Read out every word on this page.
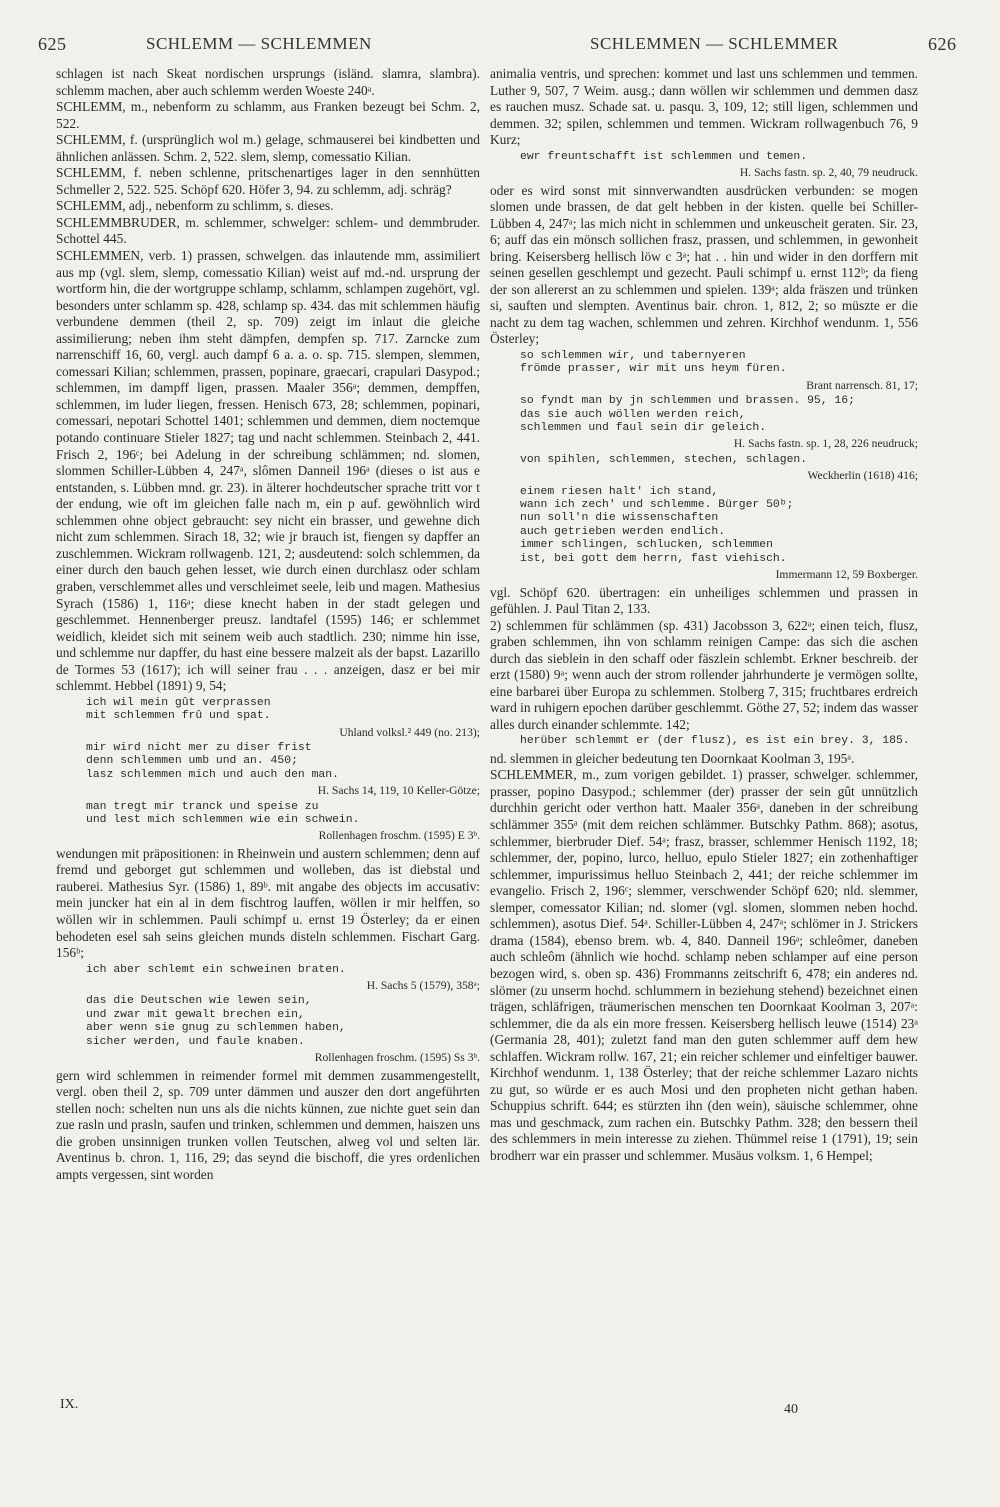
625	SCHLEMM — SCHLEMMEN	SCHLEMMEN — SCHLEMMER	626

schlagen ist nach Skeat nordischen ursprungs (isländ. slamra, slambra). schlemm machen, aber auch schlemm werden Woeste 240ᵃ.

SCHLEMM, m., nebenform zu schlamm, aus Franken bezeugt bei Schm. 2, 522.

SCHLEMM, f. (ursprünglich wol m.) gelage, schmauserei bei kindbetten und ähnlichen anlässen. Schm. 2, 522. slem, slemp, comessatio Kilian.

SCHLEMM, f. neben schlenne, pritschenartiges lager in den sennhütten Schmeller 2, 522. 525. Schöpf 620. Höfer 3, 94. zu schlemm, adj. schräg?

SCHLEMM, adj., nebenform zu schlimm, s. dieses.

SCHLEMMBRUDER, m. schlemmer, schwelger: schlem- und demmbruder. Schottel 445.

SCHLEMMEN, verb. 1) prassen, schwelgen. das inlautende mm, assimiliert aus mp (vgl. slem, slemp, comessatio Kilian) weist auf md.-nd. ursprung der wortform hin, die der wortgruppe schlamp, schlamm, schlampen zugehört, vgl. besonders unter schlamm sp. 428, schlamp sp. 434. das mit schlemmen häufig verbundene demmen (theil 2, sp. 709) zeigt im inlaut die gleiche assimilierung; neben ihm steht dämpfen, dempfen sp. 717. Zarncke zum narrenschiff 16, 60, vergl. auch dampf 6 a. a. o. sp. 715. slempen, slemmen, comessari Kilian; schlemmen, prassen, popinare, graecari, crapulari Dasypod.; schlemmen, im dampff ligen, prassen. Maaler 356ᵃ; demmen, dempffen, schlemmen, im luder liegen, fressen. Henisch 673, 28; schlemmen, popinari, comessari, nepotari Schottel 1401; schlemmen und demmen, diem noctemque potando continuare Stieler 1827; tag und nacht schlemmen. Steinbach 2, 441. Frisch 2, 196ᶜ; bei Adelung in der schreibung schlämmen; nd. slomen, slommen Schiller-Lübben 4, 247ᵃ, slômen Danneil 196ᵃ (dieses o ist aus e entstanden, s. Lübben mnd. gr. 23). in älterer hochdeutscher sprache tritt vor t der endung, wie oft im gleichen falle nach m, ein p auf. gewöhnlich wird schlemmen ohne object gebraucht: sey nicht ein brasser, und gewehne dich nicht zum schlemmen. Sirach 18, 32; wie jr brauch ist, fiengen sy dapffer an zuschlemmen. Wickram rollwagenb. 121, 2; ausdeutend: solch schlemmen, da einer durch den bauch gehen lesset, wie durch einen durchlasz oder schlam graben, verschlemmet alles und verschleimet seele, leib und magen. Mathesius Syrach (1586) 1, 116ᵃ; diese knecht haben in der stadt gelegen und geschlemmet. Hennenberger preusz. landtafel (1595) 146; er schlemmet weidlich, kleidet sich mit seinem weib auch stadtlich. 230; nimme hin isse, und schlemme nur dapffer, du hast eine bessere malzeit als der bapst. Lazarillo de Tormes 53 (1617); ich will seiner frau . . . anzeigen, dasz er bei mir schlemmt. Hebbel (1891) 9, 54;

ich wil mein gût verprassen
mit schlemmen frû und spat.

Uhland volksl.² 449 (no. 213);

mir wird nicht mer zu diser frist
denn schlemmen umb und an. 450;
lasz schlemmen mich und auch den man.

H. Sachs 14, 119, 10 Keller-Götze;

man tregt mir tranck und speise zu
und lest mich schlemmen wie ein schwein.

Rollenhagen froschm. (1595) E 3ᵇ.

wendungen mit präpositionen: in Rheinwein und austern schlemmen; denn auf fremd und geborget gut schlemmen und wolleben, das ist diebstal und rauberei. Mathesius Syr. (1586) 1, 89ᵇ. mit angabe des objects im accusativ: mein juncker hat ein al in dem fischtrog lauffen, wöllen ir mir helffen, so wöllen wir in schlemmen. Pauli schimpf u. ernst 19 Österley; da er einen behodeten esel sah seins gleichen munds disteln schlemmen. Fischart Garg. 156ᵇ;

ich aber schlemt ein schweinen braten.

H. Sachs 5 (1579), 358ᵃ;

das die Deutschen wie lewen sein,
und zwar mit gewalt brechen ein,
aber wenn sie gnug zu schlemmen haben,
sicher werden, und faule knaben.

Rollenhagen froschm. (1595) Ss 3ᵇ.

gern wird schlemmen in reimender formel mit demmen zusammengestellt, vergl. oben theil 2, sp. 709 unter dämmen und auszer den dort angeführten stellen noch: schelten nun uns als die nichts künnen, zue nichte guet sein dan zue rasln und prasln, saufen und trinken, schlemmen und demmen, haiszen uns die groben unsinnigen trunken vollen Teutschen, alweg vol und selten lär. Aventinus b. chron. 1, 116, 29; das seynd die bischoff, die yres ordenlichen ampts vergessen, sint worden

animalia ventris, und sprechen: kommet und last uns schlemmen und temmen. Luther 9, 507, 7 Weim. ausg.; dann wöllen wir schlemmen und demmen dasz es rauchen musz. Schade sat. u. pasqu. 3, 109, 12; still ligen, schlemmen und demmen. 32; spilen, schlemmen und temmen. Wickram rollwagenbuch 76, 9 Kurz;

ewr freuntschafft ist schlemmen und temen.

H. Sachs fastn. sp. 2, 40, 79 neudruck.

oder es wird sonst mit sinnverwandten ausdrücken verbunden: se mogen slomen unde brassen, de dat gelt hebben in der kisten. quelle bei Schiller-Lübben 4, 247ᵃ; las mich nicht in schlemmen und unkeuscheit geraten. Sir. 23, 6; auff das ein mönsch sollichen frasz, prassen, und schlemmen, in gewonheit bring. Keisersberg hellisch löw c 3ᵃ; hat . . hin und wider in den dorffern mit seinen gesellen geschlempt und gezecht. Pauli schimpf u. ernst 112ᵇ; da fieng der son allererst an zu schlemmen und spielen. 139ᵃ; alda fräszen und trünken si, sauften und slempten. Aventinus bair. chron. 1, 812, 2; so müszte er die nacht zu dem tag wachen, schlemmen und zehren. Kirchhof wendunm. 1, 556 Österley;

so schlemmen wir, und tabernyeren
frömde prasser, wir mit uns heym füren.

Brant narrensch. 81, 17;

so fyndt man by jn schlemmen und brassen. 95, 16;
das sie auch wöllen werden reich,
schlemmen und faul sein dir geleich.

H. Sachs fastn. sp. 1, 28, 226 neudruck;

von spihlen, schlemmen, stechen, schlagen.

Weckherlin (1618) 416;

einem riesen halt' ich stand,
wann ich zech' und schlemme. Bürger 50ᵇ;
nun soll'n die wissenschaften
auch getrieben werden endlich.
immer schlingen, schlucken, schlemmen
ist, bei gott dem herrn, fast viehisch.

Immermann 12, 59 Boxberger.

vgl. Schöpf 620. übertragen: ein unheiliges schlemmen und prassen in gefühlen. J. Paul Titan 2, 133.

2) schlemmen für schlämmen (sp. 431) Jacobsson 3, 622ᵃ; einen teich, flusz, graben schlemmen, ihn von schlamm reinigen Campe: das sich die aschen durch das sieblein in den schaff oder fäszlein schlembt. Erkner beschreib. der erzt (1580) 9ᵃ; wenn auch der strom rollender jahrhunderte je vermögen sollte, eine barbarei über Europa zu schlemmen. Stolberg 7, 315; fruchtbares erdreich ward in ruhigern epochen darüber geschlemmt. Göthe 27, 52; indem das wasser alles durch einander schlemmte. 142;

herüber schlemmt er (der flusz), es ist ein brey. 3, 185.

nd. slemmen in gleicher bedeutung ten Doornkaat Koolman 3, 195ᵃ.

SCHLEMMER, m., zum vorigen gebildet. 1) prasser, schwelger. schlemmer, prasser, popino Dasypod.; schlemmer (der) prasser der sein gût unnützlich durchhin gericht oder verthon hatt. Maaler 356ᵃ, daneben in der schreibung schlämmer 355ᵃ (mit dem reichen schlämmer. Butschky Pathm. 868); asotus, schlemmer, bierbruder Dief. 54ᵃ; frasz, brasser, schlemmer Henisch 1192, 18; schlemmer, der, popino, lurco, helluo, epulo Stieler 1827; ein zothenhaftiger schlemmer, impurissimus helluo Steinbach 2, 441; der reiche schlemmer im evangelio. Frisch 2, 196ᶜ; slemmer, verschwender Schöpf 620; nld. slemmer, slemper, comessator Kilian; nd. slomer (vgl. slomen, slommen neben hochd. schlemmen), asotus Dief. 54ᵃ. Schiller-Lübben 4, 247ᵃ; schlömer in J. Strickers drama (1584), ebenso brem. wb. 4, 840. Danneil 196ᵃ; schleômer, daneben auch schleôm (ähnlich wie hochd. schlamp neben schlamper auf eine person bezogen wird, s. oben sp. 436) Frommanns zeitschrift 6, 478; ein anderes nd. slömer (zu unserm hochd. schlummern in beziehung stehend) bezeichnet einen trägen, schläfrigen, träumerischen menschen ten Doornkaat Koolman 3, 207ᵃ: schlemmer, die da als ein more fressen. Keisersberg hellisch leuwe (1514) 23ᵃ (Germania 28, 401); zuletzt fand man den guten schlemmer auff dem hew schlaffen. Wickram rollw. 167, 21; ein reicher schlemer und einfeltiger bauwer. Kirchhof wendunm. 1, 138 Österley; that der reiche schlemmer Lazaro nichts zu gut, so würde er es auch Mosi und den propheten nicht gethan haben. Schuppius schrift. 644; es stürzten ihn (den wein), säuische schlemmer, ohne mas und geschmack, zum rachen ein. Butschky Pathm. 328; den bessern theil des schlemmers in mein interesse zu ziehen. Thümmel reise 1 (1791), 19; sein brodherr war ein prasser und schlemmer. Musäus volksm. 1, 6 Hempel;

IX.	40
